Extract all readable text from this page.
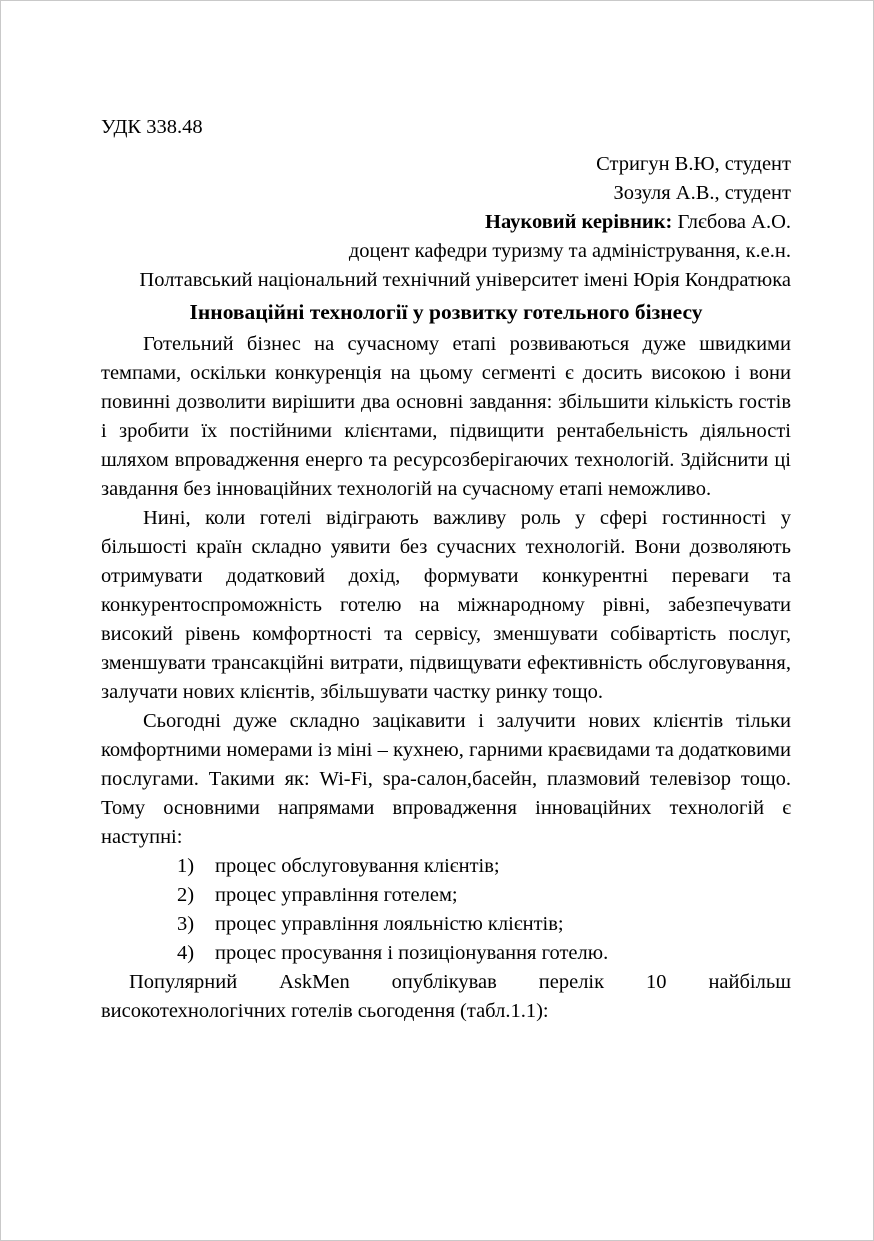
УДК 338.48
Стригун В.Ю, студент
Зозуля А.В., студент
Науковий керівник: Глєбова А.О.
доцент кафедри туризму та адміністрування, к.е.н.
Полтавський національний технічний університет імені Юрія Кондратюка
Інноваційні технології у розвитку готельного бізнесу

Готельний бізнес на сучасному етапі розвиваються дуже швидкими темпами, оскільки конкуренція на цьому сегменті є досить високою і вони повинні дозволити вирішити два основні завдання: збільшити кількість гостів і зробити їх постійними клієнтами, підвищити рентабельність діяльності шляхом впровадження енерго та ресурсозберігаючих технологій. Здійснити ці завдання без інноваційних технологій на сучасному етапі неможливо.

Нині, коли готелі відіграють важливу роль у сфері гостинності у більшості країн складно уявити без сучасних технологій. Вони дозволяють отримувати додатковий дохід, формувати конкурентні переваги та конкурентоспроможність готелю на міжнародному рівні, забезпечувати високий рівень комфортності та сервісу, зменшувати собівартість послуг, зменшувати трансакційні витрати, підвищувати ефективність обслуговування, залучати нових клієнтів, збільшувати частку ринку тощо.

Сьогодні дуже складно зацікавити і залучити нових клієнтів тільки комфортними номерами із міні – кухнею, гарними краєвидами та додатковими послугами. Такими як: Wi-Fi, spa-салон,басейн, плазмовий телевізор тощо. Тому основними напрямами впровадження інноваційних технологій є наступні:

1)	процес обслуговування клієнтів;
2)	процес управління готелем;
3)	процес управління лояльністю клієнтів;
4)	процес просування і позиціонування готелю.

Популярний AskMen опублікував перелік 10 найбільш високотехнологічних готелів сьогодення (табл.1.1):
